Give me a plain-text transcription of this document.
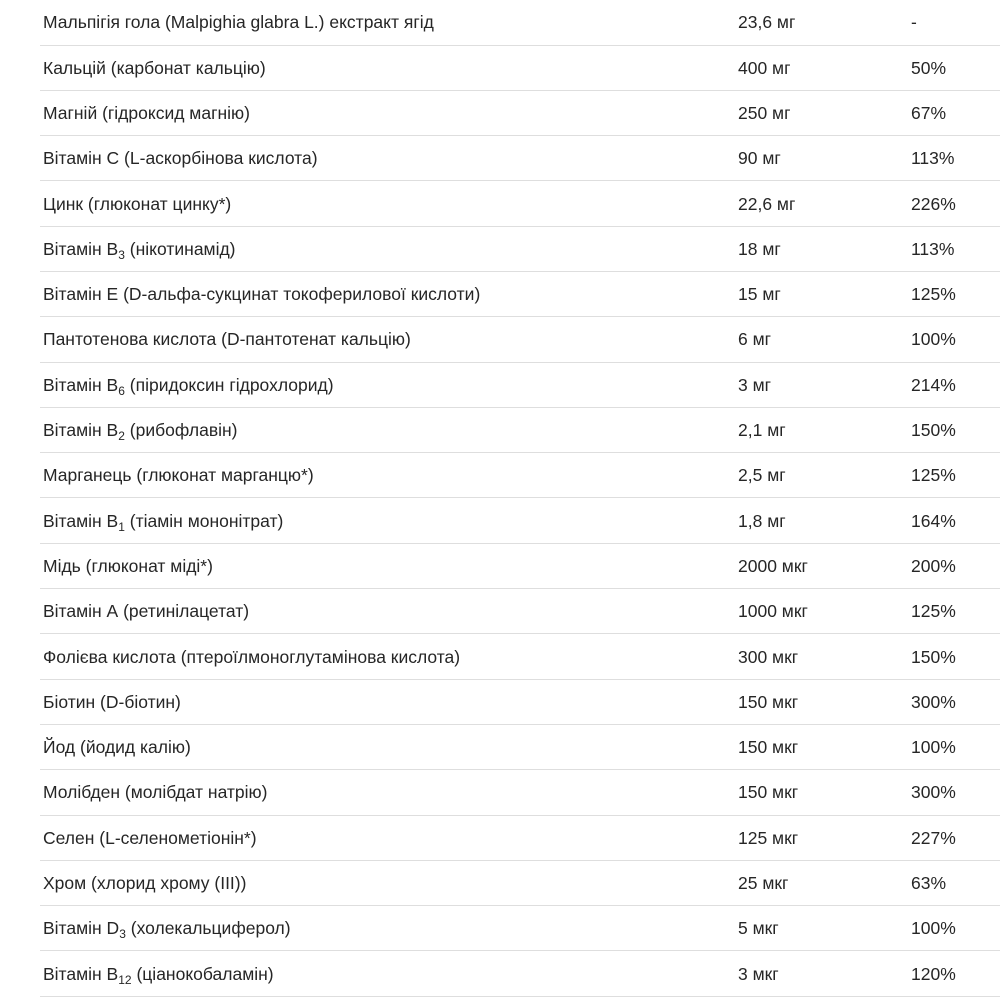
Мальпігія гола (Malpighia glabra L.) екстракт ягід	23,6 мг	-
Кальцій (карбонат кальцію)	400 мг	50%
Магній (гідроксид магнію)	250 мг	67%
Вітамін С (L-аскорбінова кислота)	90 мг	113%
Цинк (глюконат цинку*)	22,6 мг	226%
Вітамін $B_3$ (нікотинамід)	18 мг	113%
Вітамін Е (D-альфа-сукцинат токоферилової кислоти)	15 мг	125%
Пантотенова кислота (D-пантотенат кальцію)	6 мг	100%
Вітамін $B_6$ (піридоксин гідрохлорид)	3 мг	214%
Вітамін $B_2$ (рибофлавін)	2,1 мг	150%
Марганець (глюконат марганцю*)	2,5 мг	125%
Вітамін $B_1$ (тіамін мононітрат)	1,8 мг	164%
Мідь (глюконат міді*)	2000 мкг	200%
Вітамін А (ретинілацетат)	1000 мкг	125%
Фолієва кислота (птероїлмоноглутамінова кислота)	300 мкг	150%
Біотин (D-біотин)	150 мкг	300%
Йод (йодид калію)	150 мкг	100%
Молібден (молібдат натрію)	150 мкг	300%
Селен (L-селенометіонін*)	125 мкг	227%
Хром (хлорид хрому (III))	25 мкг	63%
Вітамін $D_3$ (холекальциферол)	5 мкг	100%
Вітамін $B_{12}$ (ціанокобаламін)	3 мкг	120%
